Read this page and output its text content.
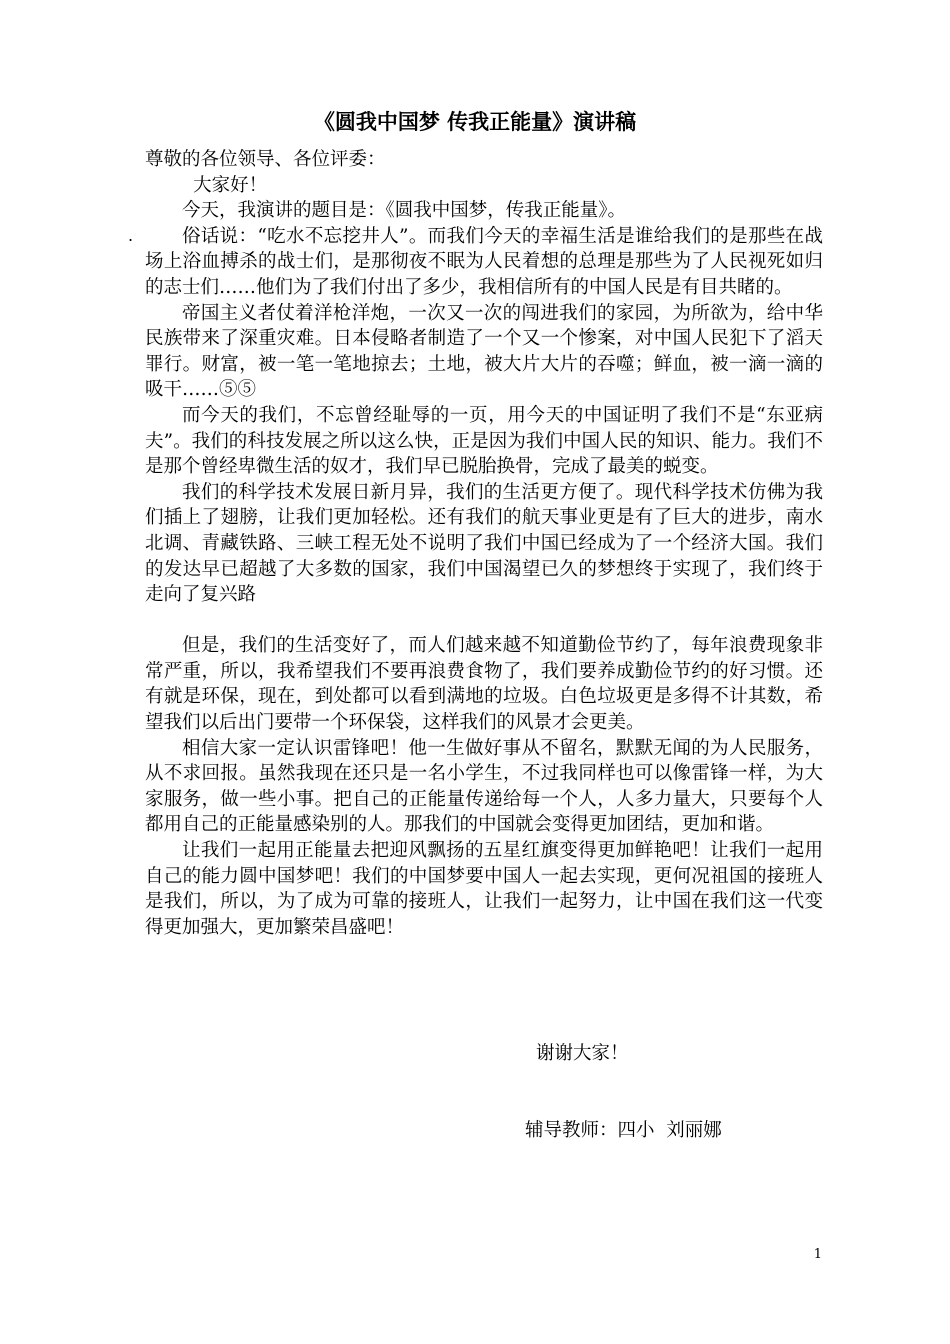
《圆我中国梦 传我正能量》演讲稿
.

尊敬的各位领导、各位评委：

大家好！

今天，我演讲的题目是：《圆我中国梦，传我正能量》。

俗话说：“吃水不忘挖井人”。而我们今天的幸福生活是谁给我们的是那些在战场上浴血搏杀的战士们，是那彻夜不眠为人民着想的总理是那些为了人民视死如归的志士们……他们为了我们付出了多少，我相信所有的中国人民是有目共睹的。

帝国主义者仗着洋枪洋炮，一次又一次的闯进我们的家园，为所欲为，给中华民族带来了深重灾难。日本侵略者制造了一个又一个惨案，对中国人民犯下了滔天罪行。财富，被一笔一笔地掠去；土地，被大片大片的吞噬；鲜血，被一滴一滴的吸干……⑤⑤

而今天的我们，不忘曾经耻辱的一页，用今天的中国证明了我们不是“东亚病夫”。我们的科技发展之所以这么快，正是因为我们中国人民的知识、能力。我们不是那个曾经卑微生活的奴才，我们早已脱胎换骨，完成了最美的蜕变。

我们的科学技术发展日新月异，我们的生活更方便了。现代科学技术仿佛为我们插上了翅膀，让我们更加轻松。还有我们的航天事业更是有了巨大的进步，南水北调、青藏铁路、三峡工程无处不说明了我们中国已经成为了一个经济大国。我们的发达早已超越了大多数的国家，我们中国渴望已久的梦想终于实现了，我们终于走向了复兴路

但是，我们的生活变好了，而人们越来越不知道勤俭节约了，每年浪费现象非常严重，所以，我希望我们不要再浪费食物了，我们要养成勤俭节约的好习惯。还有就是环保，现在，到处都可以看到满地的垃圾。白色垃圾更是多得不计其数，希望我们以后出门要带一个环保袋，这样我们的风景才会更美。

相信大家一定认识雷锋吧！他一生做好事从不留名，默默无闻的为人民服务，从不求回报。虽然我现在还只是一名小学生，不过我同样也可以像雷锋一样，为大家服务，做一些小事。把自己的正能量传递给每一个人，人多力量大，只要每个人都用自己的正能量感染别的人。那我们的中国就会变得更加团结，更加和谐。

让我们一起用正能量去把迎风飘扬的五星红旗变得更加鲜艳吧！让我们一起用自己的能力圆中国梦吧！我们的中国梦要中国人一起去实现，更何况祖国的接班人是我们，所以，为了成为可靠的接班人，让我们一起努力，让中国在我们这一代变得更加强大，更加繁荣昌盛吧！

谢谢大家！
辅导教师：四小  刘丽娜
1
